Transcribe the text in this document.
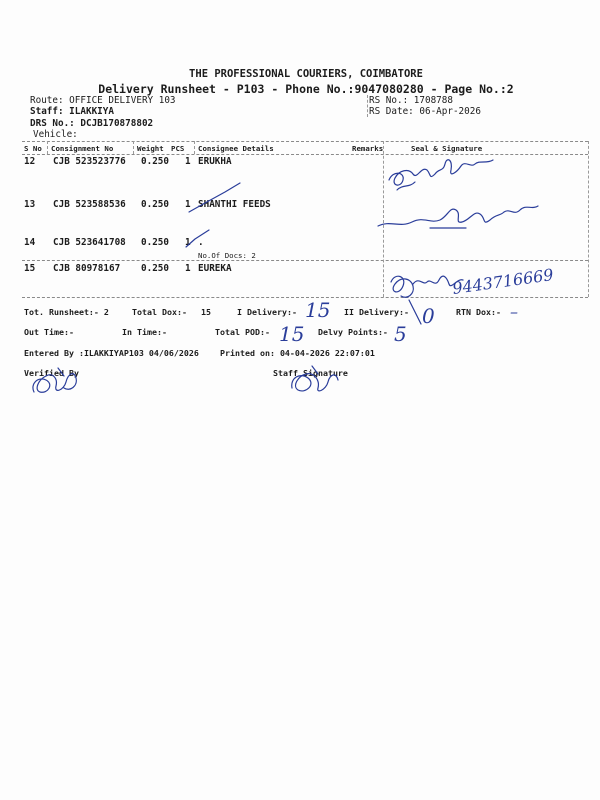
THE PROFESSIONAL COURIERS, COIMBATORE
Delivery Runsheet - P103 - Phone No.:9047080280 - Page No.:2
Route: OFFICE DELIVERY 103
Staff: ILAKKIYA
DRS No.: DCJB170878802
Vehicle:
RS No.: 1708788
RS Date: 06-Apr-2026
S No Consignment No	Weight PCS Consignee Details	Remarks	Seal & Signature
12 CJB 523523776 0.250 1 ERUKHA
13 CJB 523588536 0.250 1 SHANTHI FEEDS
14 CJB 523641708 0.250 1 .
No.Of Docs: 2
15 CJB 80978167 0.250 1 EUREKA	9443716669
Tot. Runsheet:- 2	Total Dox:- 15	I Delivery:- 15 II Delivery:- 0	RTN Dox:- –
Out Time:-	In Time:-	Total POD:- 15 Delvy Points:- 5
Entered By :ILAKKIYAP103 04/06/2026	Printed on: 04-04-2026 22:07:01
Verified By	Staff Signature
